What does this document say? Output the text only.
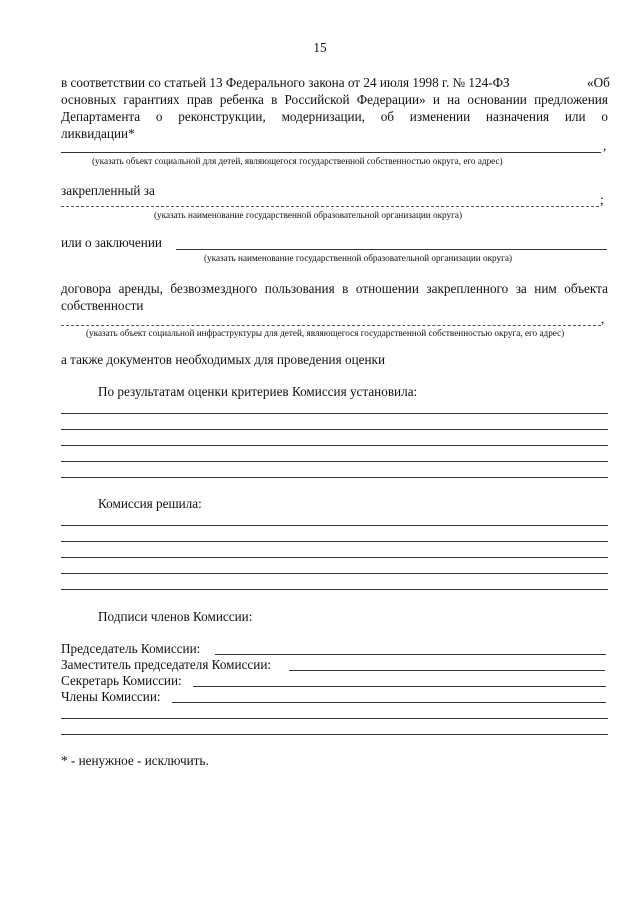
15
в соответствии со статьей 13 Федерального закона от 24 июля 1998 г. № 124-ФЗ	«Об
основных гарантиях прав ребенка в Российской Федерации» и на основании предложения
Департамента о реконструкции, модернизации, об изменении назначения или о
ликвидации*
,
(указать объект социальной для детей, являющегося государственной собственностью округа, его адрес)
закрепленный за
;
(указать наименование государственной образовательной организации округа)
или о заключении
(указать наименование государственной образовательной организации округа)
договора аренды, безвозмездного пользования в отношении закрепленного за ним объекта
собственности
,
(указать объект социальной инфраструктуры для детей, являющегося государственной собственностью округа, его адрес)
а также документов необходимых для проведения оценки
По результатам оценки критериев Комиссия установила:
Комиссия решила:
Подписи членов Комиссии:
Председатель Комиссии:
Заместитель председателя Комиссии:
Секретарь Комиссии:
Члены Комиссии:
* - ненужное - исключить.
